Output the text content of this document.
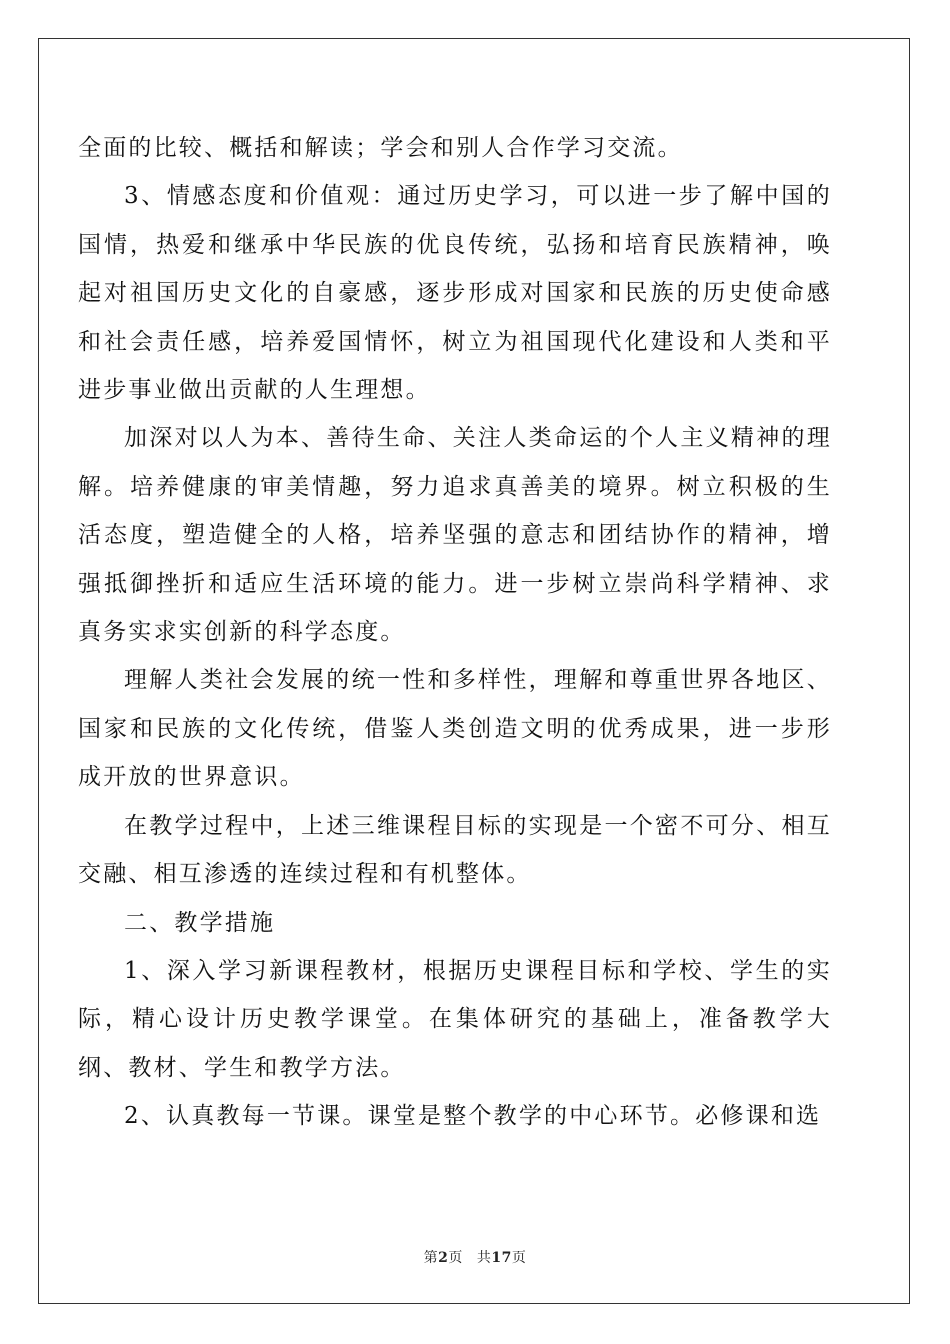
全面的比较、概括和解读；学会和别人合作学习交流。

3、情感态度和价值观：通过历史学习，可以进一步了解中国的国情，热爱和继承中华民族的优良传统，弘扬和培育民族精神，唤起对祖国历史文化的自豪感，逐步形成对国家和民族的历史使命感和社会责任感，培养爱国情怀，树立为祖国现代化建设和人类和平进步事业做出贡献的人生理想。

加深对以人为本、善待生命、关注人类命运的个人主义精神的理解。培养健康的审美情趣，努力追求真善美的境界。树立积极的生活态度，塑造健全的人格，培养坚强的意志和团结协作的精神，增强抵御挫折和适应生活环境的能力。进一步树立崇尚科学精神、求真务实求实创新的科学态度。

理解人类社会发展的统一性和多样性，理解和尊重世界各地区、国家和民族的文化传统，借鉴人类创造文明的优秀成果，进一步形成开放的世界意识。

在教学过程中，上述三维课程目标的实现是一个密不可分、相互交融、相互渗透的连续过程和有机整体。

二、教学措施

1、深入学习新课程教材，根据历史课程目标和学校、学生的实际，精心设计历史教学课堂。在集体研究的基础上，准备教学大纲、教材、学生和教学方法。

2、认真教每一节课。课堂是整个教学的中心环节。必修课和选

第2页 共17页
